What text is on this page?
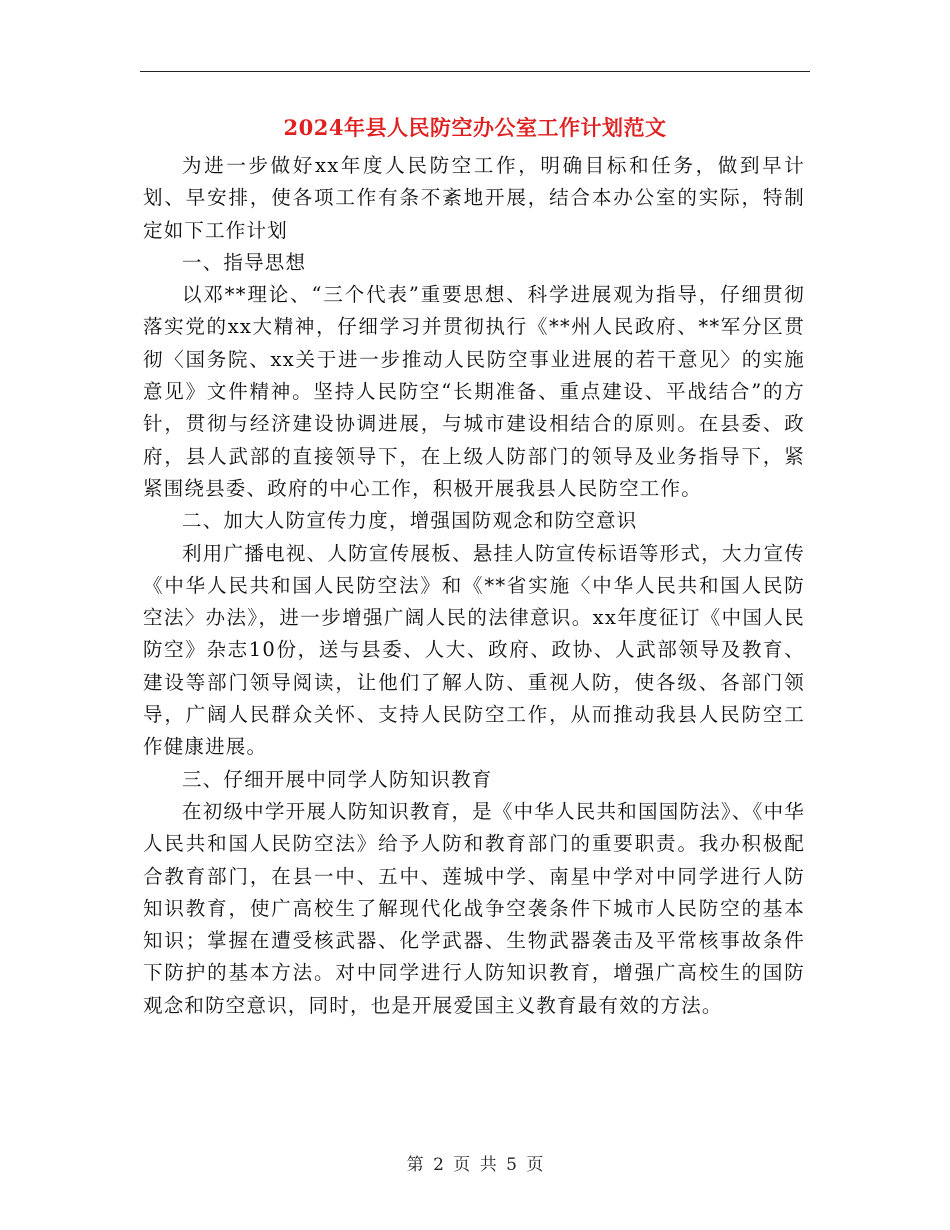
2024年县人民防空办公室工作计划范文

为进一步做好xx年度人民防空工作，明确目标和任务，做到早计划、早安排，使各项工作有条不紊地开展，结合本办公室的实际，特制定如下工作计划

一、指导思想

以邓**理论、“三个代表”重要思想、科学进展观为指导，仔细贯彻落实党的xx大精神，仔细学习并贯彻执行《**州人民政府、**军分区贯彻〈国务院、xx关于进一步推动人民防空事业进展的若干意见〉的实施意见》文件精神。坚持人民防空“长期准备、重点建设、平战结合”的方针，贯彻与经济建设协调进展，与城市建设相结合的原则。在县委、政府，县人武部的直接领导下，在上级人防部门的领导及业务指导下，紧紧围绕县委、政府的中心工作，积极开展我县人民防空工作。

二、加大人防宣传力度，增强国防观念和防空意识

利用广播电视、人防宣传展板、悬挂人防宣传标语等形式，大力宣传《中华人民共和国人民防空法》和《**省实施〈中华人民共和国人民防空法〉办法》，进一步增强广阔人民的法律意识。xx年度征订《中国人民防空》杂志10份，送与县委、人大、政府、政协、人武部领导及教育、建设等部门领导阅读，让他们了解人防、重视人防，使各级、各部门领导，广阔人民群众关怀、支持人民防空工作，从而推动我县人民防空工作健康进展。

三、仔细开展中同学人防知识教育

在初级中学开展人防知识教育，是《中华人民共和国国防法》、《中华人民共和国人民防空法》给予人防和教育部门的重要职责。我办积极配合教育部门，在县一中、五中、莲城中学、南星中学对中同学进行人防知识教育，使广高校生了解现代化战争空袭条件下城市人民防空的基本知识；掌握在遭受核武器、化学武器、生物武器袭击及平常核事故条件下防护的基本方法。对中同学进行人防知识教育，增强广高校生的国防观念和防空意识，同时，也是开展爱国主义教育最有效的方法。

第 2 页 共 5 页
